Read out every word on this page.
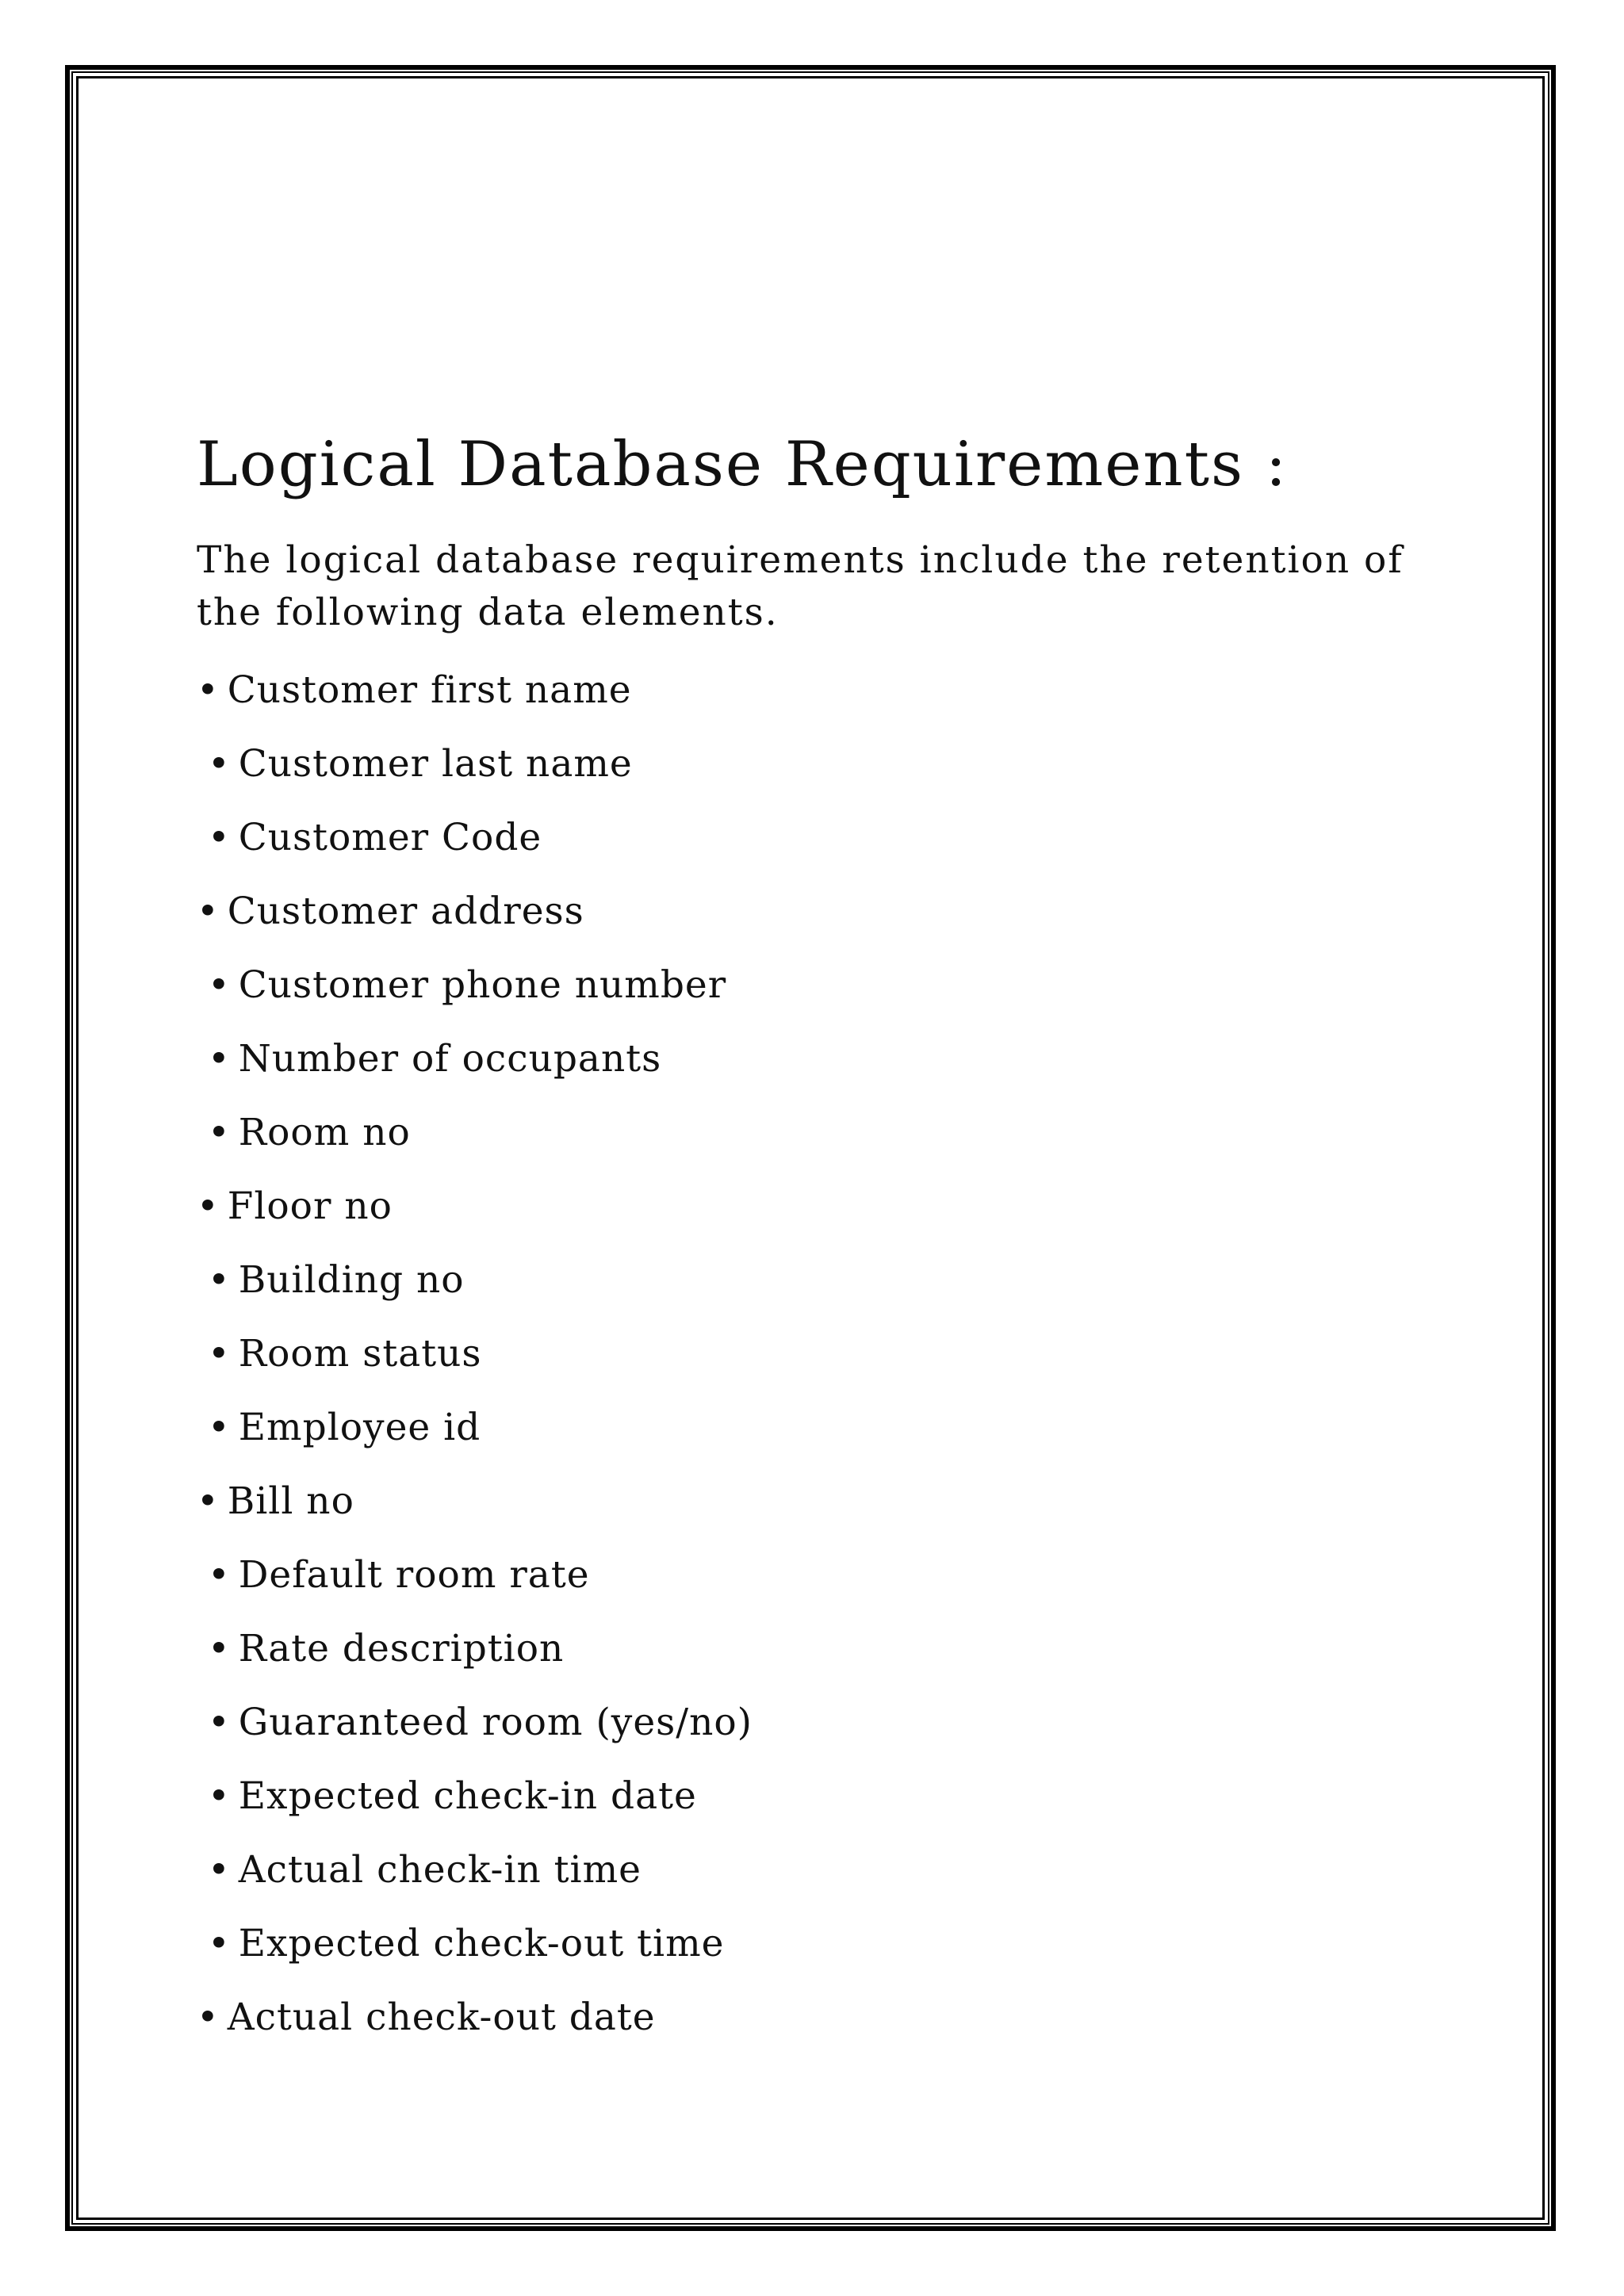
Logical Database Requirements :

The logical database requirements include the retention of the following data elements.

• Customer first name
• Customer last name
• Customer Code
• Customer address
• Customer phone number
• Number of occupants
• Room no
• Floor no
• Building no
• Room status
• Employee id
• Bill no
• Default room rate
• Rate description
• Guaranteed room (yes/no)
• Expected check-in date
• Actual check-in time
• Expected check-out time
• Actual check-out date
